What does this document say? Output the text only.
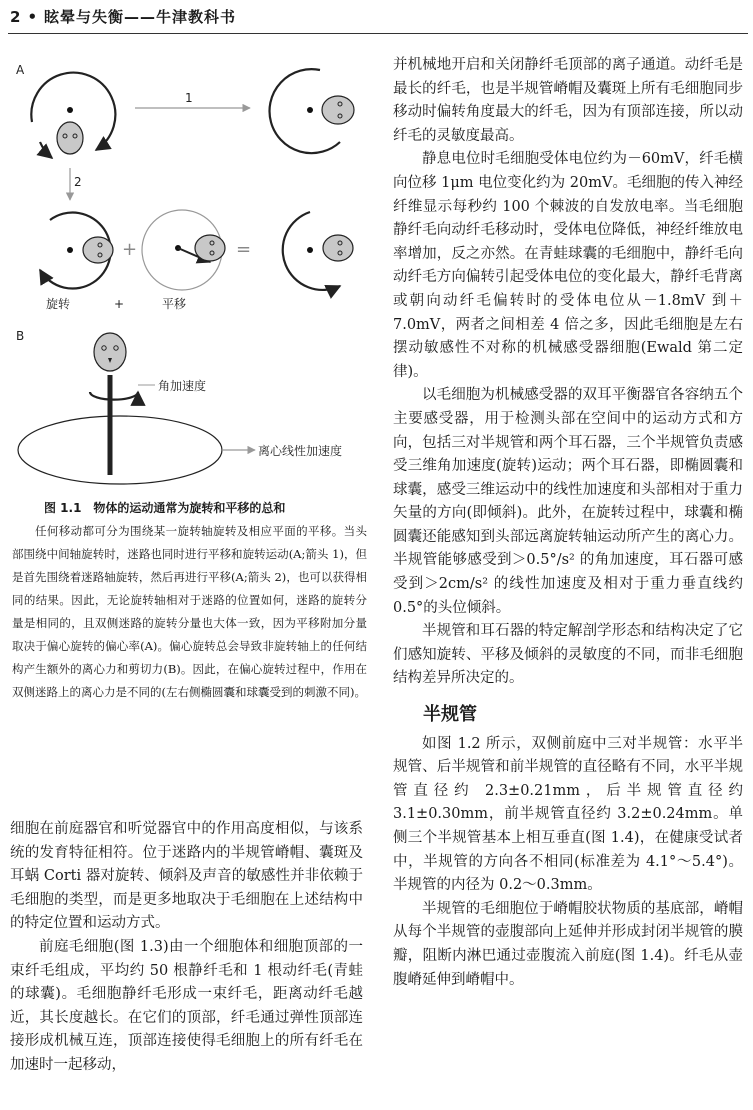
2 • 眩晕与失衡——牛津教科书
A
1
2
+	=
旋转	+	平移
B
角加速度
离心线性加速度

图 1.1　物体的运动通常为旋转和平移的总和

任何移动都可分为围绕某一旋转轴旋转及相应平面的平移。当头部围绕中间轴旋转时，迷路也同时进行平移和旋转运动(A;箭头 1)，但是首先围绕着迷路轴旋转，然后再进行平移(A;箭头 2)，也可以获得相同的结果。因此，无论旋转轴相对于迷路的位置如何，迷路的旋转分量是相同的，且双侧迷路的旋转分量也大体一致，因为平移附加分量取决于偏心旋转的偏心率(A)。偏心旋转总会导致非旋转轴上的任何结构产生额外的离心力和剪切力(B)。因此，在偏心旋转过程中，作用在双侧迷路上的离心力是不同的(左右侧椭圆囊和球囊受到的刺激不同)。

细胞在前庭器官和听觉器官中的作用高度相似，与该系统的发育特征相符。位于迷路内的半规管嵴帽、囊斑及耳蜗 Corti 器对旋转、倾斜及声音的敏感性并非依赖于毛细胞的类型，而是更多地取决于毛细胞在上述结构中的特定位置和运动方式。

前庭毛细胞(图 1.3)由一个细胞体和细胞顶部的一束纤毛组成，平均约 50 根静纤毛和 1 根动纤毛(青蛙的球囊)。毛细胞静纤毛形成一束纤毛，距离动纤毛越近，其长度越长。在它们的顶部，纤毛通过弹性顶部连接形成机械互连，顶部连接使得毛细胞上的所有纤毛在加速时一起移动，

并机械地开启和关闭静纤毛顶部的离子通道。动纤毛是最长的纤毛，也是半规管嵴帽及囊斑上所有毛细胞同步移动时偏转角度最大的纤毛，因为有顶部连接，所以动纤毛的灵敏度最高。

静息电位时毛细胞受体电位约为－60mV，纤毛横向位移 1μm 电位变化约为 20mV。毛细胞的传入神经纤维显示每秒约 100 个棘波的自发放电率。当毛细胞静纤毛向动纤毛移动时，受体电位降低，神经纤维放电率增加，反之亦然。在青蛙球囊的毛细胞中，静纤毛向动纤毛方向偏转引起受体电位的变化最大，静纤毛背离或朝向动纤毛偏转时的受体电位从－1.8mV 到＋7.0mV，两者之间相差 4 倍之多，因此毛细胞是左右摆动敏感性不对称的机械感受器细胞(Ewald 第二定律)。

以毛细胞为机械感受器的双耳平衡器官各容纳五个主要感受器，用于检测头部在空间中的运动方式和方向，包括三对半规管和两个耳石器，三个半规管负责感受三维角加速度(旋转)运动；两个耳石器，即椭圆囊和球囊，感受三维运动中的线性加速度和头部相对于重力矢量的方向(即倾斜)。此外，在旋转过程中，球囊和椭圆囊还能感知到头部远离旋转轴运动所产生的离心力。半规管能够感受到＞0.5°/s² 的角加速度，耳石器可感受到＞2cm/s² 的线性加速度及相对于重力垂直线约 0.5°的头位倾斜。

半规管和耳石器的特定解剖学形态和结构决定了它们感知旋转、平移及倾斜的灵敏度的不同，而非毛细胞结构差异所决定的。

半规管

如图 1.2 所示，双侧前庭中三对半规管：水平半规管、后半规管和前半规管的直径略有不同，水平半规管直径约 2.3±0.21mm，后半规管直径约 3.1±0.30mm，前半规管直径约 3.2±0.24mm。单侧三个半规管基本上相互垂直(图 1.4)，在健康受试者中，半规管的方向各不相同(标准差为 4.1°～5.4°)。半规管的内径为 0.2～0.3mm。

半规管的毛细胞位于嵴帽胶状物质的基底部，嵴帽从每个半规管的壶腹部向上延伸并形成封闭半规管的膜瓣，阻断内淋巴通过壶腹流入前庭(图 1.4)。纤毛从壶腹嵴延伸到嵴帽中。
